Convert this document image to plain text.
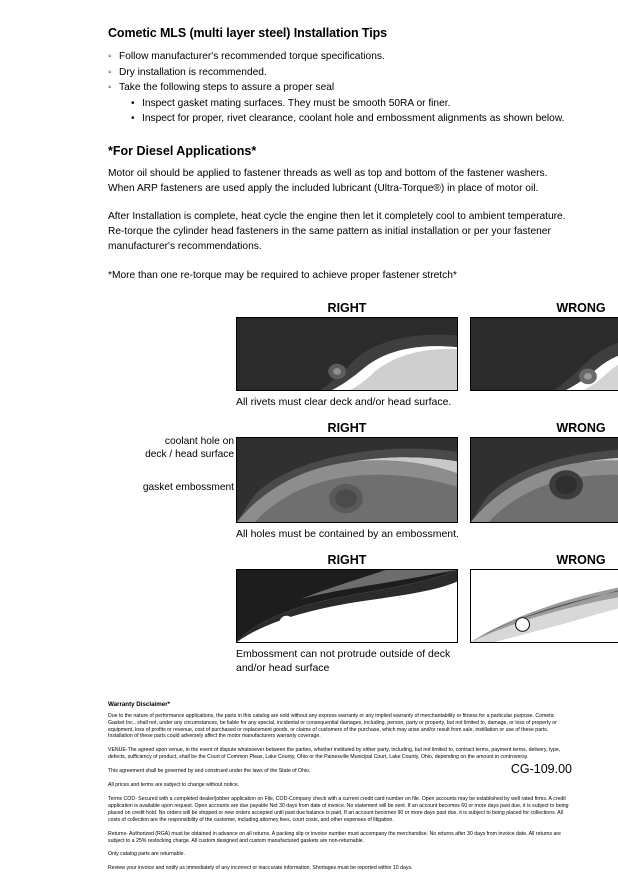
Cometic MLS (multi layer steel) Installation Tips
◦ Follow manufacturer's recommended torque specifications.
◦ Dry installation is recommended.
◦ Take the following steps to assure a proper seal
• Inspect gasket mating surfaces. They must be smooth 50RA or finer.
• Inspect for proper, rivet clearance, coolant hole and embossment alignments as shown below.
*For Diesel Applications*

Motor oil should be applied to fastener threads as well as top and bottom of the fastener washers. When ARP fasteners are used apply the included lubricant (Ultra-Torque®) in place of motor oil.

After Installation is complete, heat cycle the engine then let it completely cool to ambient temperature. Re-torque the cylinder head fasteners in the same pattern as initial installation or per your fastener manufacturer's recommendations.

*More than one re-torque may be required to achieve proper fastener stretch*

RIGHT	WRONG
All rivets must clear deck and/or head surface.
coolant hole on
deck / head surface
gasket embossment
RIGHT	WRONG
All holes must be contained by an embossment.
RIGHT	WRONG
Embossment can not protrude outside of deck
and/or head surface
Warranty Disclaimer*

Due to the nature of performance applications, the parts in this catalog are sold without any express warranty or any implied warranty of merchantability or fitness for a particular purpose. Cometic Gasket Inc., shall not, under any circumstances, be liable for any special, incidental or consequential damages, including, person, party or property, but not limited to, damage, or loss of property or equipment, loss of profits or revenue, cost of purchased or replacement goods, or claims of customers of the purchase, which may arise and/or result from sale, instillation or use of these parts. Installation of these parts could adversely affect the motor manufacturers warranty coverage.

VENUE-The agreed upon venue, in the event of dispute whatsoever between the parties, whether instituted by either party, including, but not limited to, contract terms, payment terms, delivery, type, defects, sufficiency of product, shall be the Court of Common Pleas, Lake County, Ohio or the Painesville Municipal Court, Lake County, Ohio, depending on the amount in controversy.

This agreement shall be governed by and construed under the laws of the State of Ohio.

All prices and terms are subject to change without notice.

Terms COD- Secured with a completed dealer/jobber application on File, COD-Company check with a current credit card number on file. Open accounts may be established by well rated firms. A credit application is available upon request. Open accounts are due payable Net 30 days from date of invoice. No statement will be sent. If an account becomes 60 or more days past due, it is subject to being placed on credit hold. No orders will be shipped or new orders accepted until past due balance is paid. If an account becomes 90 or more days past due, it is subject to being placed for collections. All costs of collection are the responsibility of the customer, including attorney fees, court costs, and other expenses of litigation.

Returns- Authorized (RGA) must be obtained in advance on all returns. A packing slip or invoice number must accompany the merchandise. No returns after 30 days from invoice date. All returns are subject to a 25% restocking charge. All custom designed and custom manufactured gaskets are non-returnable.

Only catalog parts are returnable.

Review your invoice and notify us immediately of any incorrect or inaccurate information. Shortages must be reported within 10 days.

CG-109.00
